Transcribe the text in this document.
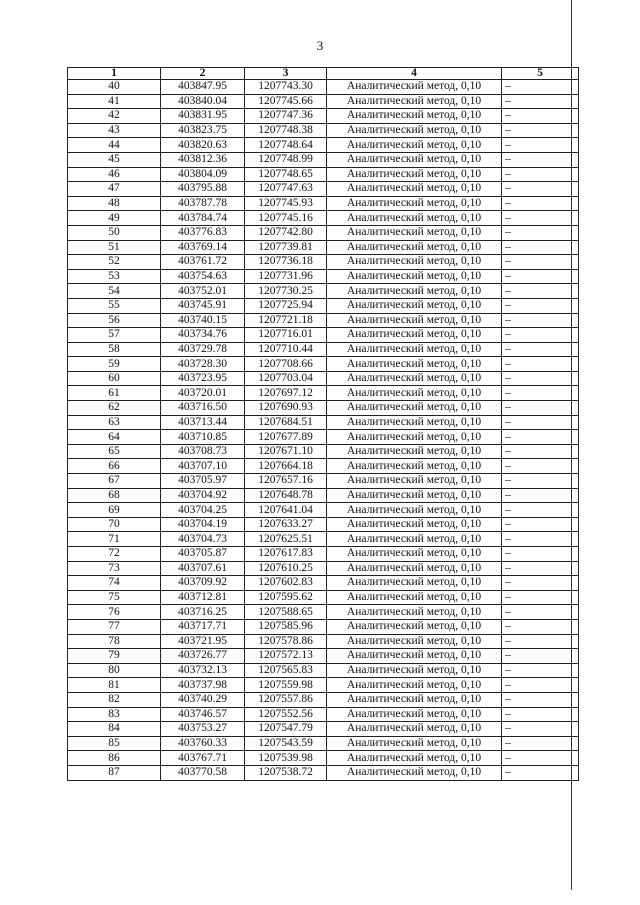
3
1	2	3	4	5
40	403847.95	1207743.30	Аналитический метод, 0,10	–
41	403840.04	1207745.66	Аналитический метод, 0,10	–
42	403831.95	1207747.36	Аналитический метод, 0,10	–
43	403823.75	1207748.38	Аналитический метод, 0,10	–
44	403820.63	1207748.64	Аналитический метод, 0,10	–
45	403812.36	1207748.99	Аналитический метод, 0,10	–
46	403804.09	1207748.65	Аналитический метод, 0,10	–
47	403795.88	1207747.63	Аналитический метод, 0,10	–
48	403787.78	1207745.93	Аналитический метод, 0,10	–
49	403784.74	1207745.16	Аналитический метод, 0,10	–
50	403776.83	1207742.80	Аналитический метод, 0,10	–
51	403769.14	1207739.81	Аналитический метод, 0,10	–
52	403761.72	1207736.18	Аналитический метод, 0,10	–
53	403754.63	1207731.96	Аналитический метод, 0,10	–
54	403752.01	1207730.25	Аналитический метод, 0,10	–
55	403745.91	1207725.94	Аналитический метод, 0,10	–
56	403740.15	1207721.18	Аналитический метод, 0,10	–
57	403734.76	1207716.01	Аналитический метод, 0,10	–
58	403729.78	1207710.44	Аналитический метод, 0,10	–
59	403728.30	1207708.66	Аналитический метод, 0,10	–
60	403723.95	1207703.04	Аналитический метод, 0,10	–
61	403720.01	1207697.12	Аналитический метод, 0,10	–
62	403716.50	1207690.93	Аналитический метод, 0,10	–
63	403713.44	1207684.51	Аналитический метод, 0,10	–
64	403710.85	1207677.89	Аналитический метод, 0,10	–
65	403708.73	1207671.10	Аналитический метод, 0,10	–
66	403707.10	1207664.18	Аналитический метод, 0,10	–
67	403705.97	1207657.16	Аналитический метод, 0,10	–
68	403704.92	1207648.78	Аналитический метод, 0,10	–
69	403704.25	1207641.04	Аналитический метод, 0,10	–
70	403704.19	1207633.27	Аналитический метод, 0,10	–
71	403704.73	1207625.51	Аналитический метод, 0,10	–
72	403705.87	1207617.83	Аналитический метод, 0,10	–
73	403707.61	1207610.25	Аналитический метод, 0,10	–
74	403709.92	1207602.83	Аналитический метод, 0,10	–
75	403712.81	1207595.62	Аналитический метод, 0,10	–
76	403716.25	1207588.65	Аналитический метод, 0,10	–
77	403717.71	1207585.96	Аналитический метод, 0,10	–
78	403721.95	1207578.86	Аналитический метод, 0,10	–
79	403726.77	1207572.13	Аналитический метод, 0,10	–
80	403732.13	1207565.83	Аналитический метод, 0,10	–
81	403737.98	1207559.98	Аналитический метод, 0,10	–
82	403740.29	1207557.86	Аналитический метод, 0,10	–
83	403746.57	1207552.56	Аналитический метод, 0,10	–
84	403753.27	1207547.79	Аналитический метод, 0,10	–
85	403760.33	1207543.59	Аналитический метод, 0,10	–
86	403767.71	1207539.98	Аналитический метод, 0,10	–
87	403770.58	1207538.72	Аналитический метод, 0,10	–
